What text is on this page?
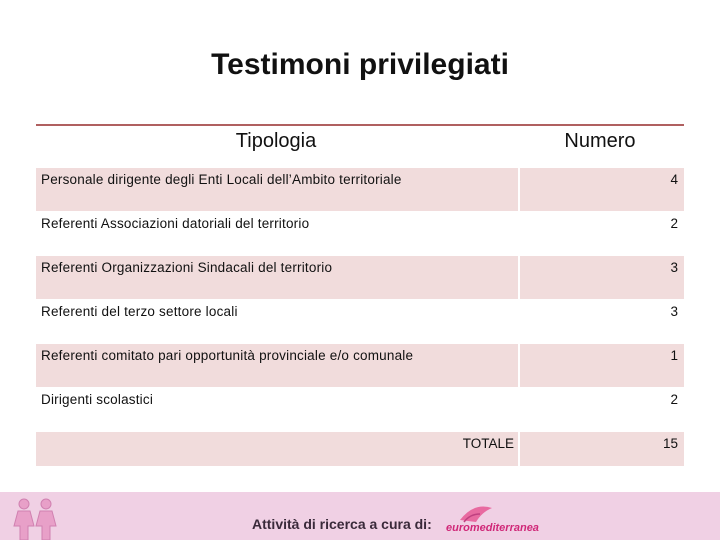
Testimoni privilegiati
Tipologia	Numero
Personale dirigente degli Enti Locali dell’Ambito territoriale	4
Referenti Associazioni datoriali del territorio	2
Referenti Organizzazioni Sindacali del territorio	3
Referenti del terzo settore locali	3
Referenti comitato pari opportunità provinciale e/o comunale	1
Dirigenti scolastici	2
TOTALE	15
Attività di ricerca a cura di: euromediterranea
